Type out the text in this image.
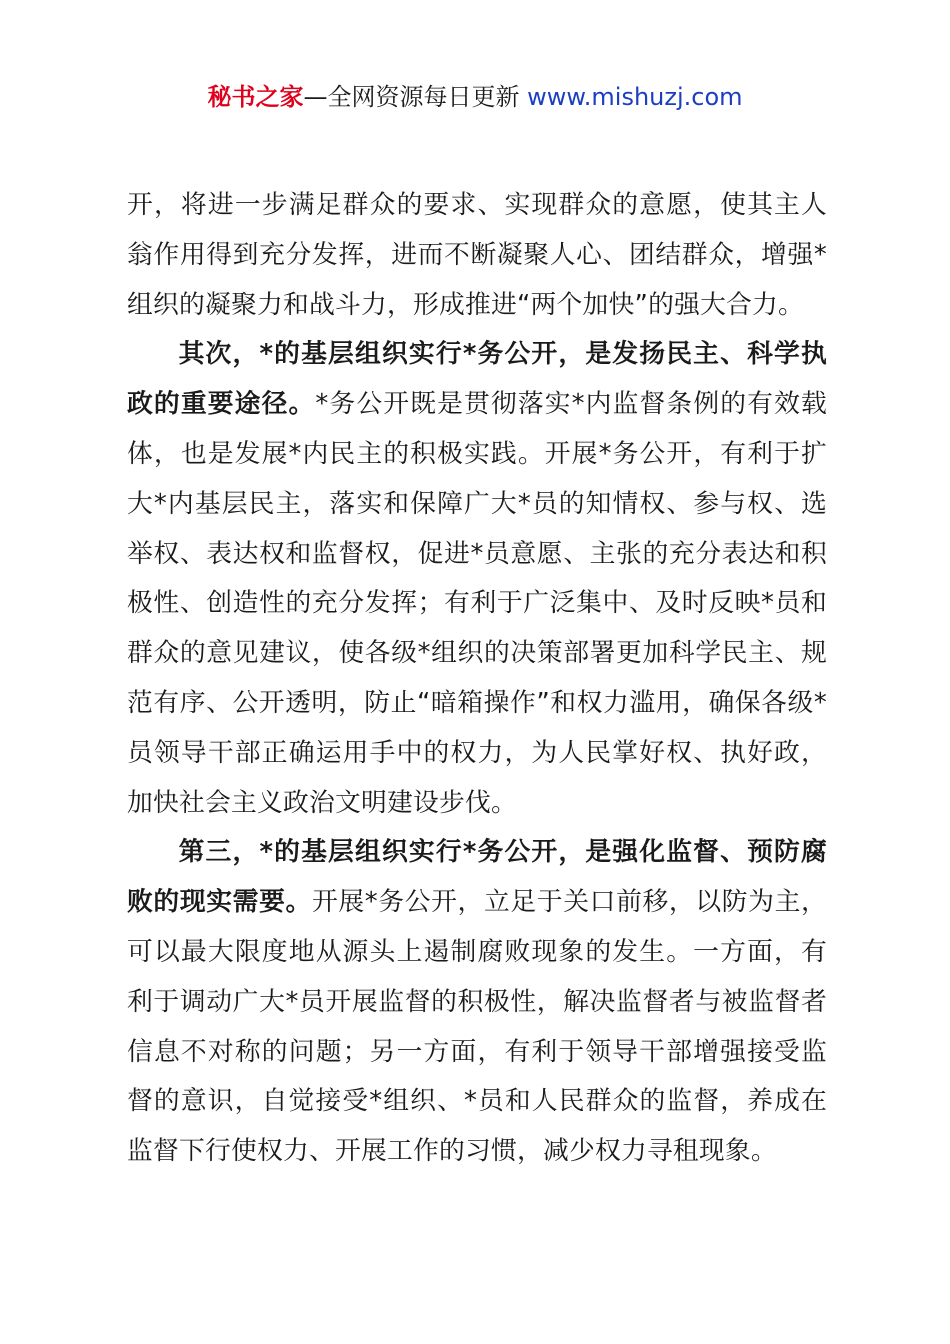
秘书之家—全网资源每日更新 www.mishuzj.com

开，将进一步满足群众的要求、实现群众的意愿，使其主人翁作用得到充分发挥，进而不断凝聚人心、团结群众，增强*组织的凝聚力和战斗力，形成推进“两个加快”的强大合力。

其次，*的基层组织实行*务公开，是发扬民主、科学执政的重要途径。*务公开既是贯彻落实*内监督条例的有效载体，也是发展*内民主的积极实践。开展*务公开，有利于扩大*内基层民主，落实和保障广大*员的知情权、参与权、选举权、表达权和监督权，促进*员意愿、主张的充分表达和积极性、创造性的充分发挥；有利于广泛集中、及时反映*员和群众的意见建议，使各级*组织的决策部署更加科学民主、规范有序、公开透明，防止“暗箱操作”和权力滥用，确保各级*员领导干部正确运用手中的权力，为人民掌好权、执好政，加快社会主义政治文明建设步伐。

第三，*的基层组织实行*务公开，是强化监督、预防腐败的现实需要。开展*务公开，立足于关口前移，以防为主，可以最大限度地从源头上遏制腐败现象的发生。一方面，有利于调动广大*员开展监督的积极性，解决监督者与被监督者信息不对称的问题；另一方面，有利于领导干部增强接受监督的意识，自觉接受*组织、*员和人民群众的监督，养成在监督下行使权力、开展工作的习惯，减少权力寻租现象。
